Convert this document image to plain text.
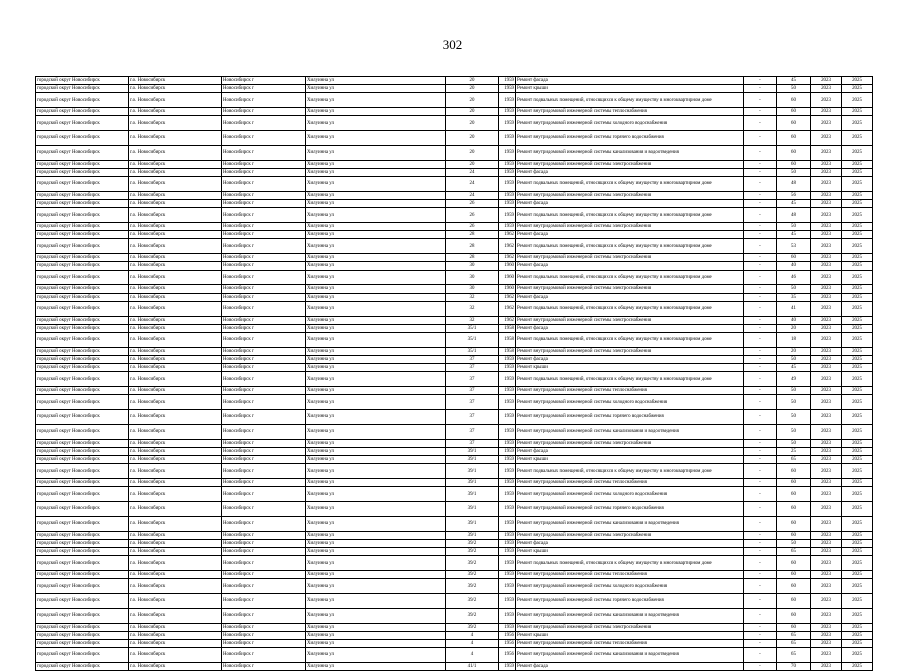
302
городской округ Новосибирск	г.о. Новосибирск	Новосибирск г	Хилуинна ул	20	1959	Ремонт фасада	-	45	2023	2025
городской округ Новосибирск	г.о. Новосибирск	Новосибирск г	Хилуинна ул	20	1959	Ремонт крыши	-	50	2023	2025
городской округ Новосибирск	г.о. Новосибирск	Новосибирск г	Хилуинна ул	20	1959	Ремонт подвальных помещений, относящихся к общему имуществу в многоквартирном доме	-	60	2023	2025
городской округ Новосибирск	г.о. Новосибирск	Новосибирск г	Хилуинна ул	20	1959	Ремонт внутридомовой инженерной системы теплоснабжения	-	60	2023	2025
городской округ Новосибирск	г.о. Новосибирск	Новосибирск г	Хилуинна ул	20	1959	Ремонт внутридомовой инженерной системы холодного водоснабжения	-	60	2023	2025
городской округ Новосибирск	г.о. Новосибирск	Новосибирск г	Хилуинна ул	20	1959	Ремонт внутридомовой инженерной системы горячего водоснабжения	-	60	2023	2025
городской округ Новосибирск	г.о. Новосибирск	Новосибирск г	Хилуинна ул	20	1959	Ремонт внутридомовой инженерной системы канализования и водоотведения	-	60	2023	2025
городской округ Новосибирск	г.о. Новосибирск	Новосибирск г	Хилуинна ул	20	1959	Ремонт внутридомовой инженерной системы электроснабжения	-	60	2023	2025
городской округ Новосибирск	г.о. Новосибирск	Новосибирск г	Хилуинна ул	24	1959	Ремонт фасада	-	50	2023	2025
городской округ Новосибирск	г.о. Новосибирск	Новосибирск г	Хилуинна ул	24	1959	Ремонт подвальных помещений, относящихся к общему имуществу в многоквартирном доме	-	48	2023	2025
городской округ Новосибирск	г.о. Новосибирск	Новосибирск г	Хилуинна ул	24	1959	Ремонт внутридомовой инженерной системы электроснабжения	-	56	2023	2025
городской округ Новосибирск	г.о. Новосибирск	Новосибирск г	Хилуинна ул	26	1959	Ремонт фасада	-	45	2023	2025
городской округ Новосибирск	г.о. Новосибирск	Новосибирск г	Хилуинна ул	26	1959	Ремонт подвальных помещений, относящихся к общему имуществу в многоквартирном доме	-	48	2023	2025
городской округ Новосибирск	г.о. Новосибирск	Новосибирск г	Хилуинна ул	26	1959	Ремонт внутридомовой инженерной системы электроснабжения	-	50	2023	2025
городской округ Новосибирск	г.о. Новосибирск	Новосибирск г	Хилуинна ул	28	1962	Ремонт фасада	-	45	2023	2025
городской округ Новосибирск	г.о. Новосибирск	Новосибирск г	Хилуинна ул	28	1962	Ремонт подвальных помещений, относящихся к общему имуществу в многоквартирном доме	-	53	2023	2025
городской округ Новосибирск	г.о. Новосибирск	Новосибирск г	Хилуинна ул	28	1962	Ремонт внутридомовой инженерной системы электроснабжения	-	60	2023	2025
городской округ Новосибирск	г.о. Новосибирск	Новосибирск г	Хилуинна ул	30	1960	Ремонт фасада	-	40	2023	2025
городской округ Новосибирск	г.о. Новосибирск	Новосибирск г	Хилуинна ул	30	1960	Ремонт подвальных помещений, относящихся к общему имуществу в многоквартирном доме	-	46	2023	2025
городской округ Новосибирск	г.о. Новосибирск	Новосибирск г	Хилуинна ул	30	1960	Ремонт внутридомовой инженерной системы электроснабжения	-	50	2023	2025
городской округ Новосибирск	г.о. Новосибирск	Новосибирск г	Хилуинна ул	32	1962	Ремонт фасада	-	35	2023	2025
городской округ Новосибирск	г.о. Новосибирск	Новосибирск г	Хилуинна ул	32	1962	Ремонт подвальных помещений, относящихся к общему имуществу в многоквартирном доме	-	41	2023	2025
городской округ Новосибирск	г.о. Новосибирск	Новосибирск г	Хилуинна ул	32	1962	Ремонт внутридомовой инженерной системы электроснабжения	-	40	2023	2025
городской округ Новосибирск	г.о. Новосибирск	Новосибирск г	Хилуинна ул	35/1	1958	Ремонт фасада	-	20	2023	2025
городской округ Новосибирск	г.о. Новосибирск	Новосибирск г	Хилуинна ул	35/1	1958	Ремонт подвальных помещений, относящихся к общему имуществу в многоквартирном доме	-	18	2023	2025
городской округ Новосибирск	г.о. Новосибирск	Новосибирск г	Хилуинна ул	35/1	1958	Ремонт внутридомовой инженерной системы электроснабжения	-	20	2023	2025
городской округ Новосибирск	г.о. Новосибирск	Новосибирск г	Хилуинна ул	37	1959	Ремонт фасада	-	50	2023	2025
городской округ Новосибирск	г.о. Новосибирск	Новосибирск г	Хилуинна ул	37	1959	Ремонт крыши	-	45	2023	2025
городской округ Новосибирск	г.о. Новосибирск	Новосибирск г	Хилуинна ул	37	1959	Ремонт подвальных помещений, относящихся к общему имуществу в многоквартирном доме	-	49	2023	2025
городской округ Новосибирск	г.о. Новосибирск	Новосибирск г	Хилуинна ул	37	1959	Ремонт внутридомовой инженерной системы теплоснабжения	-	50	2023	2025
городской округ Новосибирск	г.о. Новосибирск	Новосибирск г	Хилуинна ул	37	1959	Ремонт внутридомовой инженерной системы холодного водоснабжения	-	50	2023	2025
городской округ Новосибирск	г.о. Новосибирск	Новосибирск г	Хилуинна ул	37	1959	Ремонт внутридомовой инженерной системы горячего водоснабжения	-	50	2023	2025
городской округ Новосибирск	г.о. Новосибирск	Новосибирск г	Хилуинна ул	37	1959	Ремонт внутридомовой инженерной системы канализования и водоотведения	-	50	2023	2025
городской округ Новосибирск	г.о. Новосибирск	Новосибирск г	Хилуинна ул	37	1959	Ремонт внутридомовой инженерной системы электроснабжения	-	50	2023	2025
городской округ Новосибирск	г.о. Новосибирск	Новосибирск г	Хилуинна ул	39/1	1959	Ремонт фасада	-	25	2023	2025
городской округ Новосибирск	г.о. Новосибирск	Новосибирск г	Хилуинна ул	39/1	1959	Ремонт крыши	-	65	2023	2025
городской округ Новосибирск	г.о. Новосибирск	Новосибирск г	Хилуинна ул	39/1	1959	Ремонт подвальных помещений, относящихся к общему имуществу в многоквартирном доме	-	60	2023	2025
городской округ Новосибирск	г.о. Новосибирск	Новосибирск г	Хилуинна ул	39/1	1959	Ремонт внутридомовой инженерной системы теплоснабжения	-	60	2023	2025
городской округ Новосибирск	г.о. Новосибирск	Новосибирск г	Хилуинна ул	39/1	1959	Ремонт внутридомовой инженерной системы холодного водоснабжения	-	60	2023	2025
городской округ Новосибирск	г.о. Новосибирск	Новосибирск г	Хилуинна ул	39/1	1959	Ремонт внутридомовой инженерной системы горячего водоснабжения	-	60	2023	2025
городской округ Новосибирск	г.о. Новосибирск	Новосибирск г	Хилуинна ул	39/1	1959	Ремонт внутридомовой инженерной системы канализования и водоотведения	-	60	2023	2025
городской округ Новосибирск	г.о. Новосибирск	Новосибирск г	Хилуинна ул	39/1	1959	Ремонт внутридомовой инженерной системы электроснабжения	-	60	2023	2025
городской округ Новосибирск	г.о. Новосибирск	Новосибирск г	Хилуинна ул	39/2	1959	Ремонт фасада	-	50	2023	2025
городской округ Новосибирск	г.о. Новосибирск	Новосибирск г	Хилуинна ул	39/2	1959	Ремонт крыши	-	65	2023	2025
городской округ Новосибирск	г.о. Новосибирск	Новосибирск г	Хилуинна ул	39/2	1959	Ремонт подвальных помещений, относящихся к общему имуществу в многоквартирном доме	-	60	2023	2025
городской округ Новосибирск	г.о. Новосибирск	Новосибирск г	Хилуинна ул	39/2	1959	Ремонт внутридомовой инженерной системы теплоснабжения	-	60	2023	2025
городской округ Новосибирск	г.о. Новосибирск	Новосибирск г	Хилуинна ул	39/2	1959	Ремонт внутридомовой инженерной системы холодного водоснабжения	-	60	2023	2025
городской округ Новосибирск	г.о. Новосибирск	Новосибирск г	Хилуинна ул	39/2	1959	Ремонт внутридомовой инженерной системы горячего водоснабжения	-	60	2023	2025
городской округ Новосибирск	г.о. Новосибирск	Новосибирск г	Хилуинна ул	39/2	1959	Ремонт внутридомовой инженерной системы канализования и водоотведения	-	60	2023	2025
городской округ Новосибирск	г.о. Новосибирск	Новосибирск г	Хилуинна ул	39/2	1959	Ремонт внутридомовой инженерной системы электроснабжения	-	60	2023	2025
городской округ Новосибирск	г.о. Новосибирск	Новосибирск г	Хилуинна ул	4	1956	Ремонт крыши	-	65	2023	2025
городской округ Новосибирск	г.о. Новосибирск	Новосибирск г	Хилуинна ул	4	1956	Ремонт внутридомовой инженерной системы теплоснабжения	-	65	2023	2025
городской округ Новосибирск	г.о. Новосибирск	Новосибирск г	Хилуинна ул	4	1956	Ремонт внутридомовой инженерной системы канализования и водоотведения	-	65	2023	2025
городской округ Новосибирск	г.о. Новосибирск	Новосибирск г	Хилуинна ул	41/1	1959	Ремонт фасада	-	70	2023	2025
